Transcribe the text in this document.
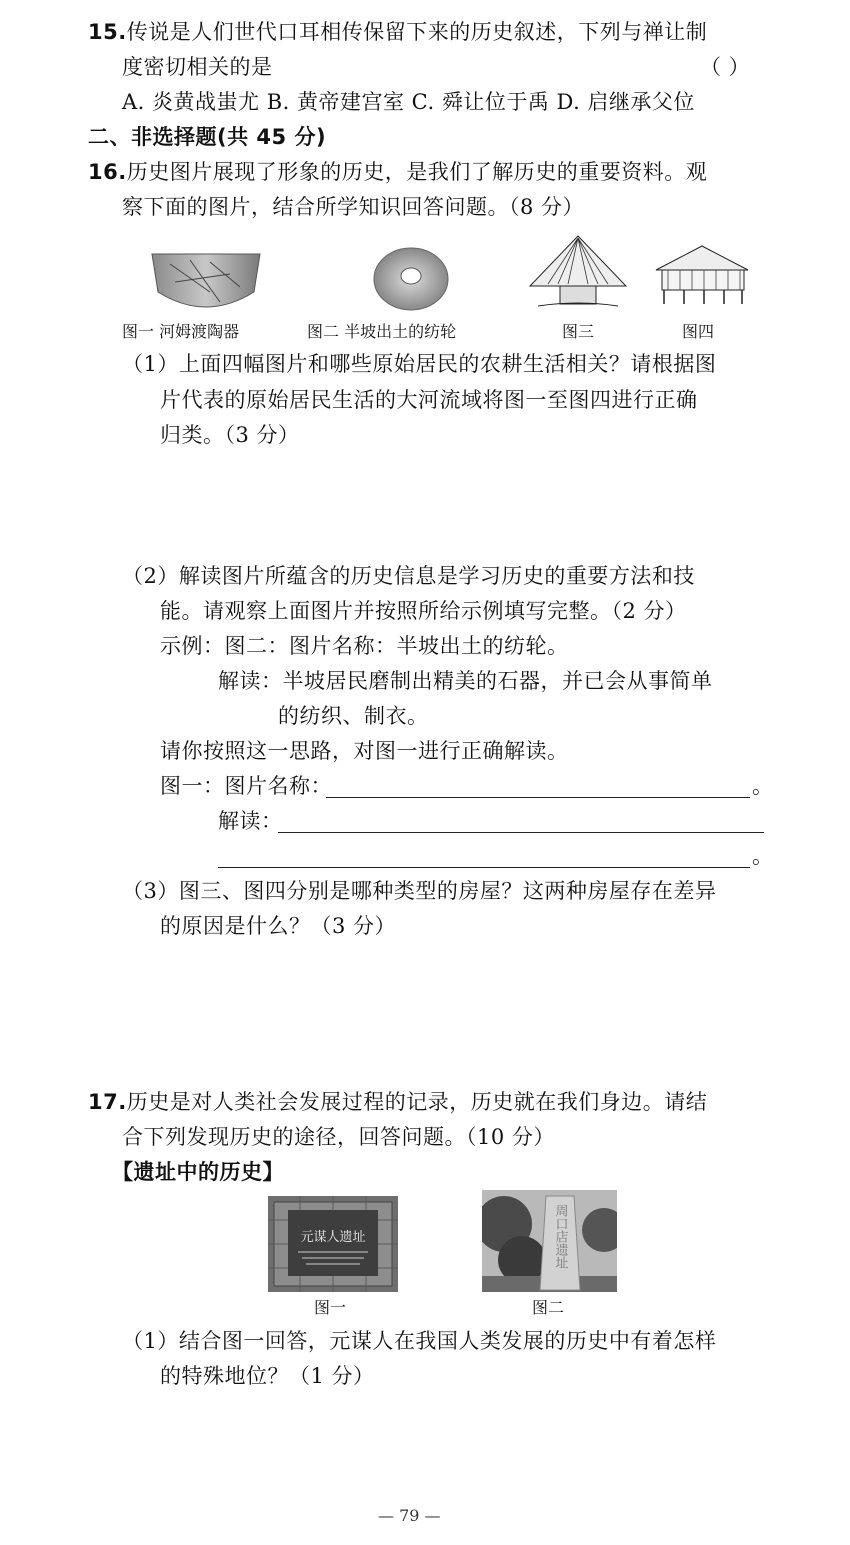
15.传说是人们世代口耳相传保留下来的历史叙述，下列与禅让制
度密切相关的是	（ ）
A. 炎黄战蚩尤 B. 黄帝建宫室 C. 舜让位于禹 D. 启继承父位
二、非选择题(共 45 分)
16.历史图片展现了形象的历史，是我们了解历史的重要资料。观
察下面的图片，结合所学知识回答问题。（8 分）
图一 河姆渡陶器	图二 半坡出土的纺轮	图三	图四
（1）上面四幅图片和哪些原始居民的农耕生活相关？请根据图
片代表的原始居民生活的大河流域将图一至图四进行正确
归类。（3 分）
（2）解读图片所蕴含的历史信息是学习历史的重要方法和技
能。请观察上面图片并按照所给示例填写完整。（2 分）
示例：图二：图片名称：半坡出土的纺轮。
解读：半坡居民磨制出精美的石器，并已会从事简单
的纺织、制衣。
请你按照这一思路，对图一进行正确解读。
图一：图片名称：	。
解读：
。
（3）图三、图四分别是哪种类型的房屋？这两种房屋存在差异
的原因是什么？（3 分）
17.历史是对人类社会发展过程的记录，历史就在我们身边。请结
合下列发现历史的途径，回答问题。（10 分）
【遗址中的历史】
元谋人遗址	周口店遗址
图一	图二
（1）结合图一回答，元谋人在我国人类发展的历史中有着怎样
的特殊地位？（1 分）
— 79 —
